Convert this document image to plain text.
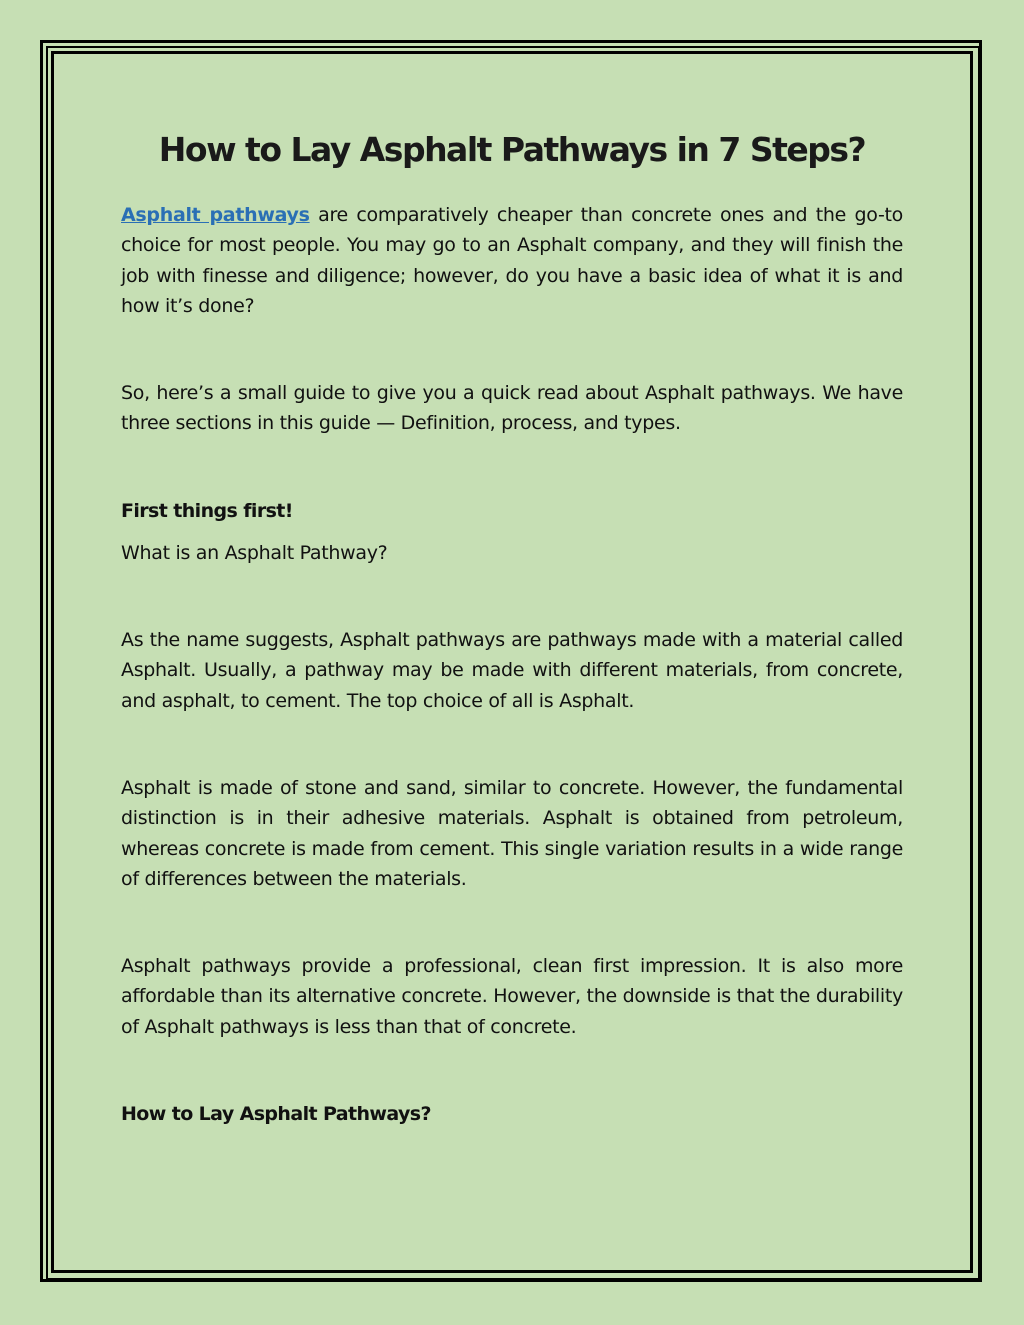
How to Lay Asphalt Pathways in 7 Steps?

Asphalt pathways are comparatively cheaper than concrete ones and the go-to choice for most people. You may go to an Asphalt company, and they will finish the job with finesse and diligence; however, do you have a basic idea of what it is and how it’s done?

So, here’s a small guide to give you a quick read about Asphalt pathways. We have three sections in this guide — Definition, process, and types.

First things first!

What is an Asphalt Pathway?

As the name suggests, Asphalt pathways are pathways made with a material called Asphalt. Usually, a pathway may be made with different materials, from concrete, and asphalt, to cement. The top choice of all is Asphalt.

Asphalt is made of stone and sand, similar to concrete. However, the fundamental distinction is in their adhesive materials. Asphalt is obtained from petroleum, whereas concrete is made from cement. This single variation results in a wide range of differences between the materials.

Asphalt pathways provide a professional, clean first impression. It is also more affordable than its alternative concrete. However, the downside is that the durability of Asphalt pathways is less than that of concrete.

How to Lay Asphalt Pathways?
